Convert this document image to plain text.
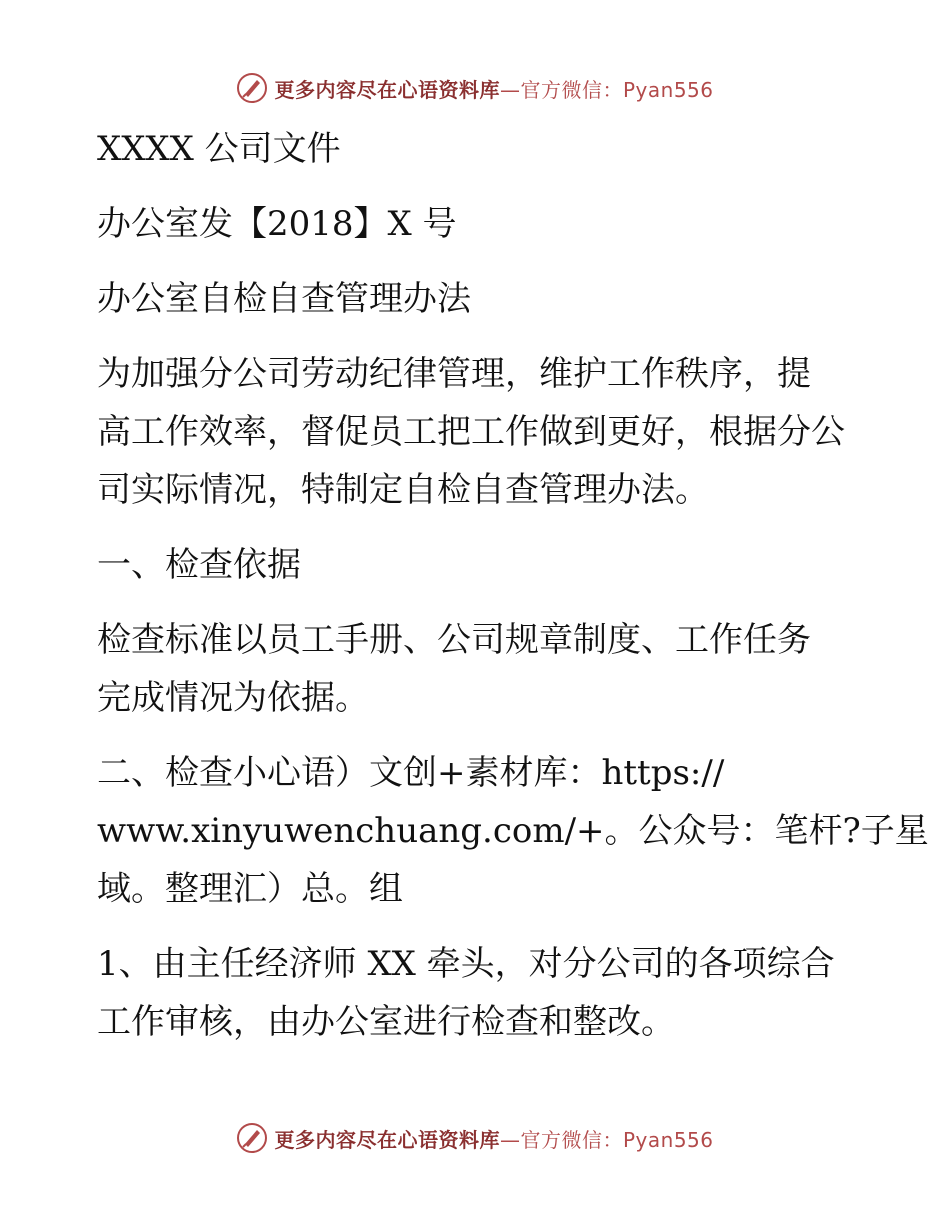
更多内容尽在心语资料库—官方微信：Pyan556

XXXX 公司文件

办公室发【2018】X 号

办公室自检自查管理办法

为加强分公司劳动纪律管理，维护工作秩序，提

高工作效率，督促员工把工作做到更好，根据分公

司实际情况，特制定自检自查管理办法。

一、检查依据

检查标准以员工手册、公司规章制度、工作任务

完成情况为依据。

二、检查小心语）文创+素材库：https://

www.xinyuwenchuang.com/+。公众号：笔杆?子星

域。整理汇）总。组

1、由主任经济师 XX 牵头，对分公司的各项综合

工作审核，由办公室进行检查和整改。

更多内容尽在心语资料库—官方微信：Pyan556
